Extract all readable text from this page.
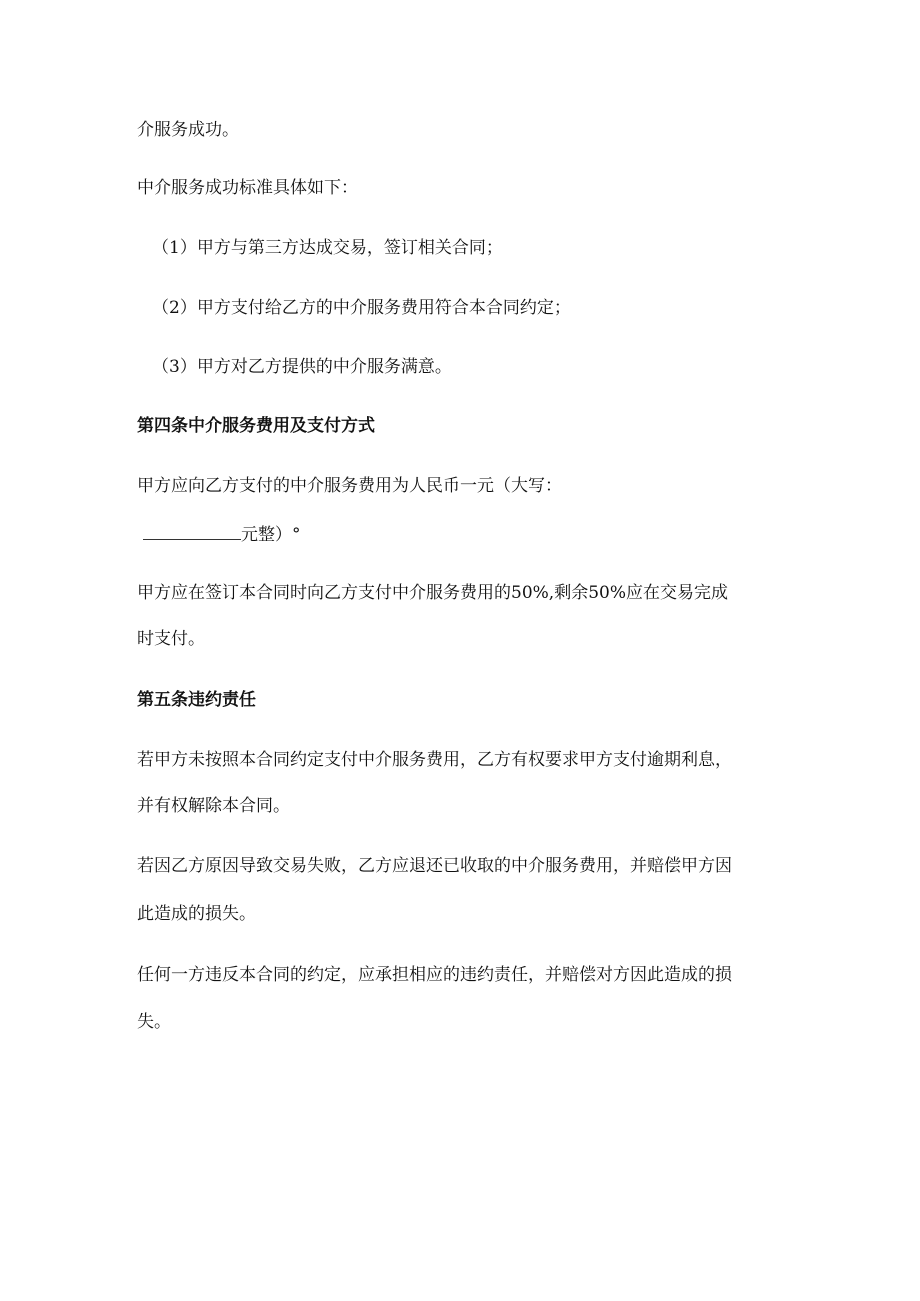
介服务成功。

中介服务成功标准具体如下：

（1）甲方与第三方达成交易，签订相关合同；

（2）甲方支付给乙方的中介服务费用符合本合同约定；

（3）甲方对乙方提供的中介服务满意。

第四条中介服务费用及支付方式

甲方应向乙方支付的中介服务费用为人民币一元（大写：

元整）°

甲方应在签订本合同时向乙方支付中介服务费用的50%,剩余50%应在交易完成

时支付。

第五条违约责任

若甲方未按照本合同约定支付中介服务费用，乙方有权要求甲方支付逾期利息，

并有权解除本合同。

若因乙方原因导致交易失败，乙方应退还已收取的中介服务费用，并赔偿甲方因

此造成的损失。

任何一方违反本合同的约定，应承担相应的违约责任，并赔偿对方因此造成的损

失。
